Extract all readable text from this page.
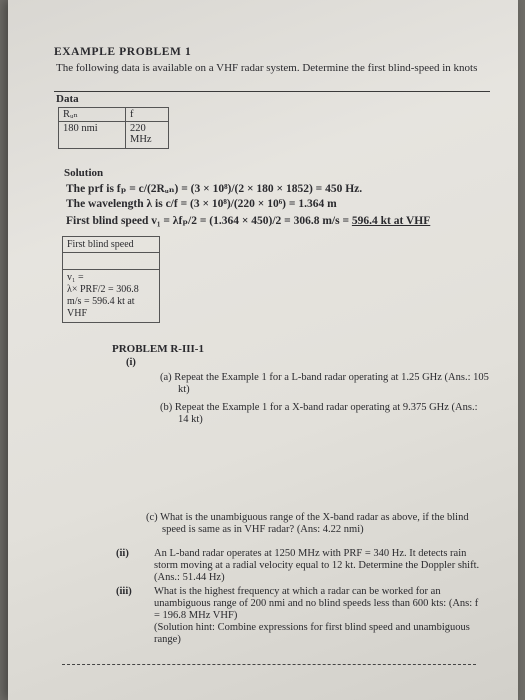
EXAMPLE PROBLEM 1
The following data is available on a VHF radar system. Determine the first blind-speed in knots
Data
Rᵤₙ	f
180 nmi	220 MHz
Solution
The prf is fₚ = c/(2Rᵤₙ) = (3 × 10⁸)/(2 × 180 × 1852) = 450 Hz.
The wavelength λ is c/f = (3 × 10⁸)/(220 × 10⁶) = 1.364 m
First blind speed v₁ = λfₚ/2 = (1.364 × 450)/2 = 306.8 m/s = 596.4 kt at VHF
First blind speed
v₁ =
λ× PRF/2 = 306.8
m/s = 596.4 kt at
VHF
PROBLEM R-III-1
(i)
(a) Repeat the Example 1 for a L-band radar operating at 1.25 GHz (Ans.: 105
kt)
(b) Repeat the Example 1 for a X-band radar operating at 9.375 GHz (Ans.:
14 kt)
(c) What is the unambiguous range of the X-band radar as above, if the blind
speed is same as in VHF radar? (Ans: 4.22 nmi)
(ii) An L-band radar operates at 1250 MHz with PRF = 340 Hz. It detects rain
storm moving at a radial velocity equal to 12 kt. Determine the Doppler shift.
(Ans.: 51.44 Hz)
(iii) What is the highest frequency at which a radar can be worked for an
unambiguous range of 200 nmi and no blind speeds less than 600 kts: (Ans: f
= 196.8 MHz VHF)
(Solution hint: Combine expressions for first blind speed and unambiguous
range)
